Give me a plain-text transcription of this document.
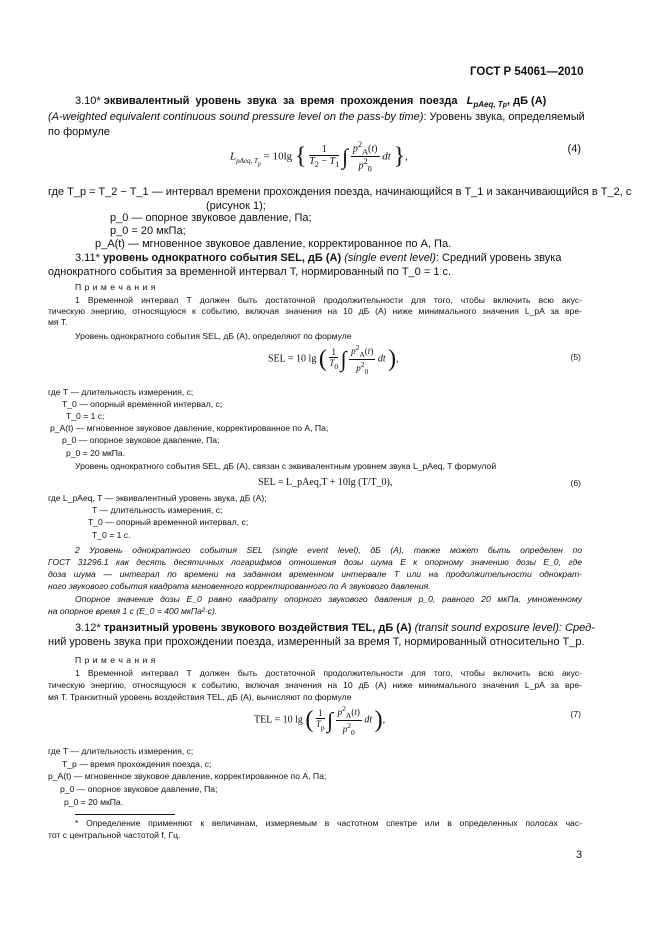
ГОСТ Р 54061—2010
3.10* эквивалентный уровень звука за время прохождения поезда $L_{pAeq, Tp}$, дБ (А)
(A-weighted equivalent continuous sound pressure level on the pass-by time): Уровень звука, определяемый
по формуле
$L_{pAeq, T_p} = 10\lg$ { $\frac{1}{T_2 - T_1}$ ∫ $\frac{p^2_A(t)}{p^2_0}$ dt },
(4)
где T_p = T_2 − T_1 — интервал времени прохождения поезда, начинающийся в T_1 и заканчивающийся в T_2, с
(рисунок 1);
p_0 — опорное звуковое давление, Па;
p_0 = 20 мкПа;
p_A(t) — мгновенное звуковое давление, корректированное по А, Па.
3.11* уровень однократного события SEL, дБ (А) (single event level): Средний уровень звука
однократного события за временной интервал T, нормированный по T_0 = 1 с.
П р и м е ч а н и я
1 Временной интервал T должен быть достаточной продолжительности для того, чтобы включить всю акус-
тическую энергию, относящуюся к событию, включая значения на 10 дБ (А) ниже минимального значения L_pA за вре-
мя T.
Уровень однократного события SEL, дБ (А), определяют по формуле
SEL = 10 lg ( $\frac{1}{T_0}$ ∫ $\frac{p^2_A(t)}{p^2_0}$ dt ),	(5)
где T — длительность измерения, с;
T_0 — опорный временной интервал, с;
T_0 = 1 с;
p_A(t) — мгновенное звуковое давление, корректированное по А, Па;
p_0 — опорное звуковое давление, Па;
p_0 = 20 мкПа.
Уровень однократного события SEL, дБ (А), связан с эквивалентным уровнем звука L_pAeq, T формулой
SEL = L_pAeq,T + 10lg (T/T_0),	(6)
где L_pAeq, T — эквивалентный уровень звука, дБ (А);
T — длительность измерения, с;
T_0 — опорный временной интервал, с;
T_0 = 1 с.
2 Уровень однократного события SEL (single event level), дБ (А), также может быть определен по
ГОСТ 31296.1 как десять десятичных логарифмов отношения дозы шума E к опорному значению дозы E_0, где
доза шума — интеграл по времени на заданном временном интервале T или на продолжительности однократ-
ного звукового события квадрата мгновенного корректированного по А звукового давления.
Опорное значение дозы E_0 равно квадрату опорного звукового давления p_0, равного 20 мкПа, умноженному
на опорное время 1 с (E_0 = 400 мкПа²·с).
3.12* транзитный уровень звукового воздействия TEL, дБ (А) (transit sound exposure level): Сред-
ний уровень звука при прохождении поезда, измеренный за время T, нормированный относительно T_p.
П р и м е ч а н и я
1 Временной интервал T должен быть достаточной продолжительности для того, чтобы включить всю акус-
тическую энергию, относящуюся к событию, включая значения на 10 дБ (А) ниже минимального значения L_pA за вре-
мя T. Транзитный уровень воздействия TEL, дБ (А), вычисляют по формуле
TEL = 10 lg ( $\frac{1}{T_p}$ ∫ $\frac{p^2_A(t)}{p^2_0}$ dt ),
(7)
где T — длительность измерения, с;
T_p — время прохождения поезда, с;
p_A(t) — мгновенное звуковое давление, корректированное по А, Па;
p_0 — опорное звуковое давление, Па;
p_0 = 20 мкПа.
* Определение применяют к величинам, измеряемым в частотном спектре или в определенных полосах час-
тот с центральной частотой f, Гц.
3
